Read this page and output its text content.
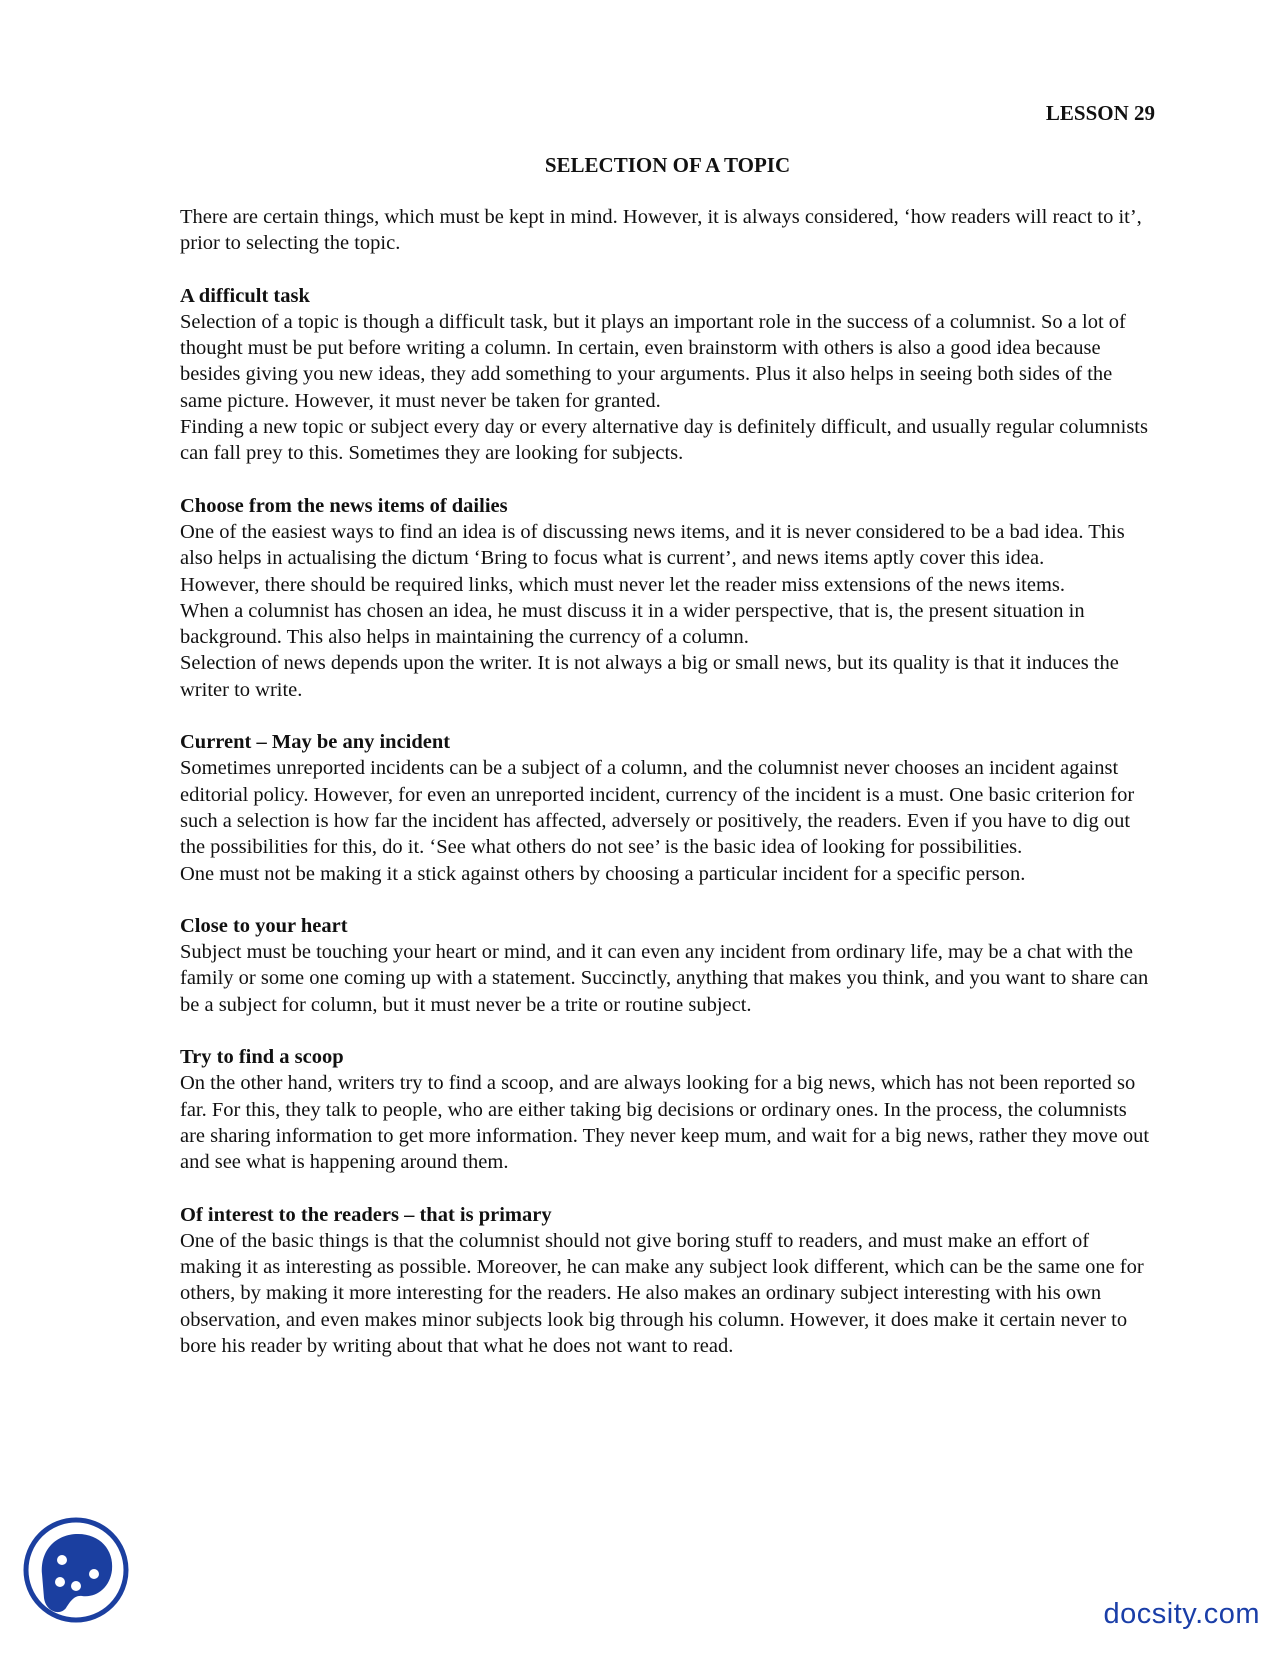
LESSON 29

SELECTION OF A TOPIC

There are certain things, which must be kept in mind. However, it is always considered, ‘how readers will react to it’, prior to selecting the topic.

A difficult task

Selection of a topic is though a difficult task, but it plays an important role in the success of a columnist. So a lot of thought must be put before writing a column. In certain, even brainstorm with others is also a good idea because besides giving you new ideas, they add something to your arguments. Plus it also helps in seeing both sides of the same picture. However, it must never be taken for granted.

Finding a new topic or subject every day or every alternative day is definitely difficult, and usually regular columnists can fall prey to this. Sometimes they are looking for subjects.

Choose from the news items of dailies

One of the easiest ways to find an idea is of discussing news items, and it is never considered to be a bad idea. This also helps in actualising the dictum ‘Bring to focus what is current’, and news items aptly cover this idea.

However, there should be required links, which must never let the reader miss extensions of the news items.

When a columnist has chosen an idea, he must discuss it in a wider perspective, that is, the present situation in background. This also helps in maintaining the currency of a column.

Selection of news depends upon the writer. It is not always a big or small news, but its quality is that it induces the writer to write.

Current – May be any incident

Sometimes unreported incidents can be a subject of a column, and the columnist never chooses an incident against editorial policy. However, for even an unreported incident, currency of the incident is a must. One basic criterion for such a selection is how far the incident has affected, adversely or positively, the readers. Even if you have to dig out the possibilities for this, do it. ‘See what others do not see’ is the basic idea of looking for possibilities.

One must not be making it a stick against others by choosing a particular incident for a specific person.

Close to your heart

Subject must be touching your heart or mind, and it can even any incident from ordinary life, may be a chat with the family or some one coming up with a statement. Succinctly, anything that makes you think, and you want to share can be a subject for column, but it must never be a trite or routine subject.

Try to find a scoop

On the other hand, writers try to find a scoop, and are always looking for a big news, which has not been reported so far. For this, they talk to people, who are either taking big decisions or ordinary ones. In the process, the columnists are sharing information to get more information. They never keep mum, and wait for a big news, rather they move out and see what is happening around them.

Of interest to the readers – that is primary

One of the basic things is that the columnist should not give boring stuff to readers, and must make an effort of making it as interesting as possible. Moreover, he can make any subject look different, which can be the same one for others, by making it more interesting for the readers. He also makes an ordinary subject interesting with his own observation, and even makes minor subjects look big through his column. However, it does make it certain never to bore his reader by writing about that what he does not want to read.

docsity.com
